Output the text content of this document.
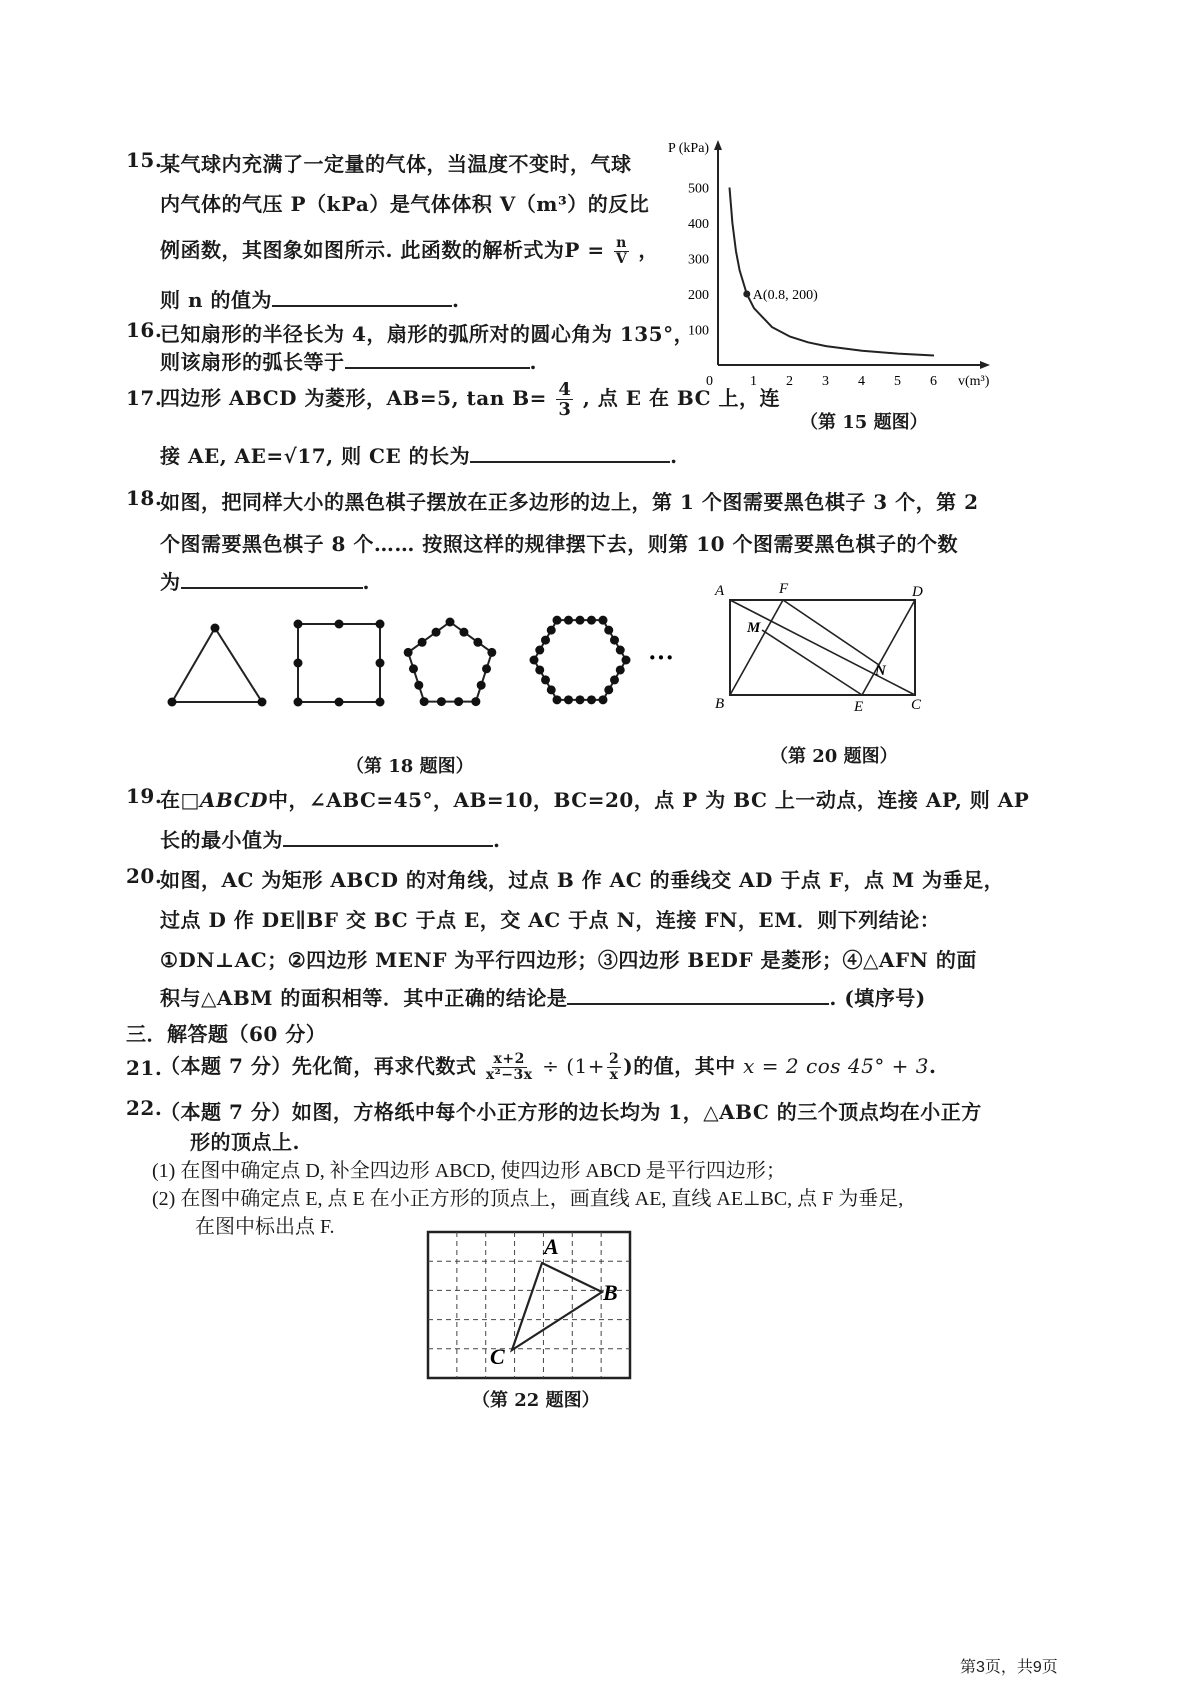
15.
某气球内充满了一定量的气体，当温度不变时，气球
内气体的气压 P（kPa）是气体体积 V（m³）的反比
例函数，其图象如图所示. 此函数的解析式为$P = \frac{n}{V}$ ，
则 n 的值为	.
16.
已知扇形的半径长为 4，扇形的弧所对的圆心角为 135°，
则该扇形的弧长等于	.
17.
四边形 ABCD 为菱形，AB=5, $\tan B= \frac{4}{3}$ , 点 E 在 BC 上，连
接 AE, AE=√17, 则 CE 的长为	.
P (kPa)
v(m³)
0	1 2 3 4 5 6
100
200
300
400
500
A(0.8, 200)
（第 15 题图）
18.
如图，把同样大小的黑色棋子摆放在正多边形的边上，第 1 个图需要黑色棋子 3 个，第 2
个图需要黑色棋子 8 个…… 按照这样的规律摆下去，则第 10 个图需要黑色棋子的个数
为	.
···
（第 18 题图）
A	F	D
M
N
B	E	C
（第 20 题图）
19.
在□ABCD中，∠ABC=45°，AB=10，BC=20，点 P 为 BC 上一动点，连接 AP, 则 AP
长的最小值为	.
20.
如图，AC 为矩形 ABCD 的对角线，过点 B 作 AC 的垂线交 AD 于点 F，点 M 为垂足，
过点 D 作 DE∥BF 交 BC 于点 E，交 AC 于点 N，连接 FN，EM．则下列结论：
①DN⊥AC；②四边形 MENF 为平行四边形；③四边形 BEDF 是菱形；④△AFN 的面
积与△ABM 的面积相等．其中正确的结论是	. (填序号)
三．解答题（60 分）
21.
（本题 7 分）先化简，再求代数式 $\frac{x+2}{\text{x²−3x}} \div (1+ \frac{2}{x}$ )的值，其中 x = 2 cos 45° + 3.
22.
（本题 7 分）如图，方格纸中每个小正方形的边长均为 1，△ABC 的三个顶点均在小正方
形的顶点上.
(1) 在图中确定点 D, 补全四边形 ABCD, 使四边形 ABCD 是平行四边形；
(2) 在图中确定点 E, 点 E 在小正方形的顶点上，画直线 AE, 直线 AE⊥BC, 点 F 为垂足,
在图中标出点 F.
A
B
C
（第 22 题图）
第3页，共9页
